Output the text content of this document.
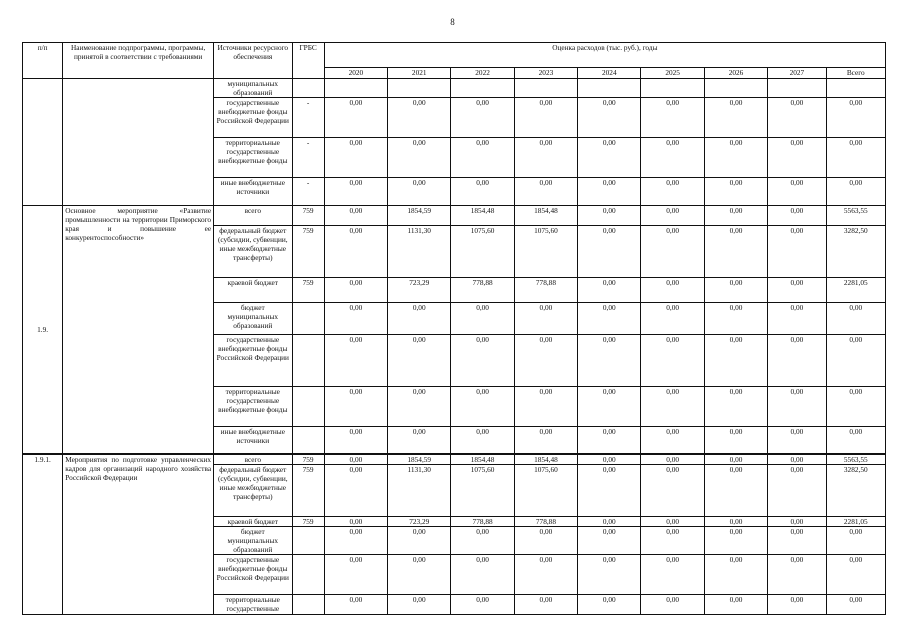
8
п/п	Наименование подпрограммы, программы, принятой в соответствии с требованиями	Источники ресурсного обеспечения	ГРБС	Оценка расходов (тыс. руб.), годы								
				2020	2021	2022	2023	2024	2025	2026	2027	Всего
		муниципальных образований										
		государственные внебюджетные фонды Российской Федерации	-	0,00	0,00	0,00	0,00	0,00	0,00	0,00	0,00	0,00
		территориальные государственные внебюджетные фонды	-	0,00	0,00	0,00	0,00	0,00	0,00	0,00	0,00	0,00
		иные внебюджетные источники	-	0,00	0,00	0,00	0,00	0,00	0,00	0,00	0,00	0,00
1.9.	Основное мероприятие «Развитие промышленности на территории Приморского края и повышение ее конкурентоспособности»	всего	759	0,00	1854,59	1854,48	1854,48	0,00	0,00	0,00	0,00	5563,55
		федеральный бюджет (субсидии, субвенции, иные межбюджетные трансферты)	759	0,00	1131,30	1075,60	1075,60	0,00	0,00	0,00	0,00	3282,50
		краевой бюджет	759	0,00	723,29	778,88	778,88	0,00	0,00	0,00	0,00	2281,05
		бюджет муниципальных образований		0,00	0,00	0,00	0,00	0,00	0,00	0,00	0,00	0,00
		государственные внебюджетные фонды Российской Федерации		0,00	0,00	0,00	0,00	0,00	0,00	0,00	0,00	0,00
		территориальные государственные внебюджетные фонды		0,00	0,00	0,00	0,00	0,00	0,00	0,00	0,00	0,00
		иные внебюджетные источники		0,00	0,00	0,00	0,00	0,00	0,00	0,00	0,00	0,00
1.9.1.	Мероприятия по подготовке управленческих кадров для организаций народного хозяйства Российской Федерации	всего	759	0,00	1854,59	1854,48	1854,48	0,00	0,00	0,00	0,00	5563,55
		федеральный бюджет (субсидии, субвенции, иные межбюджетные трансферты)	759	0,00	1131,30	1075,60	1075,60	0,00	0,00	0,00	0,00	3282,50
		краевой бюджет	759	0,00	723,29	778,88	778,88	0,00	0,00	0,00	0,00	2281,05
		бюджет муниципальных образований		0,00	0,00	0,00	0,00	0,00	0,00	0,00	0,00	0,00
		государственные внебюджетные фонды Российской Федерации		0,00	0,00	0,00	0,00	0,00	0,00	0,00	0,00	0,00
		территориальные государственные		0,00	0,00	0,00	0,00	0,00	0,00	0,00	0,00	0,00
